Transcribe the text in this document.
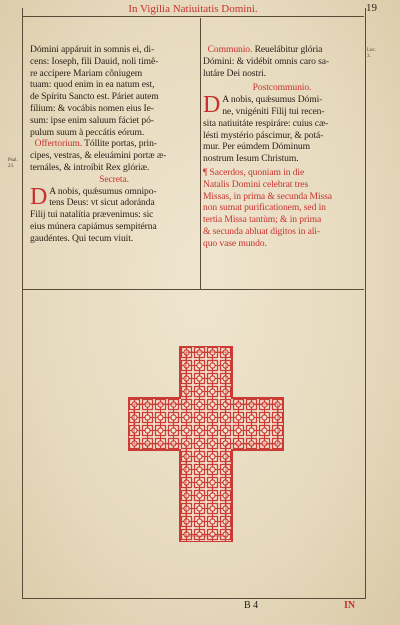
In Vigilia Natiuitatis Domini.	19

Dómini appáruit in somnis ei, di-

cens: Ioseph, fili Dauid, noli timê-

re accípere Mariam côniugem

tuam: quod enim in ea natum est,

de Spíritu Sancto est. Páriet autem

fílium: & vocábis nomen eius Ie-

sum: ipse enim saluum fáciet pó-

pulum suum à peccátis eórum.

Offertorium. Tóllite portas, prin-

cipes, vestras, & eleuámini portæ æ-

ternáles, & introíbit Rex glóriæ.

Secreta.

D A nobis, quǽsumus omnipo-

tens Deus: vt sicut adoránda

Filij tui natalítia prævenimus: sic

eius múnera capiámus sempitérna

gaudéntes. Qui tecum viuit.

Communio. Reuelábitur glória

Dómini: & vidébit omnis caro sa-

lutáre Dei nostri.

Postcommunio.

D A nobis, quǽsumus Dómi-

ne, vnigéniti Filij tui recen-

sita natiuitáte respiráre: cuius cæ-

lésti mystério páscimur, & potá-

mur. Per eúmdem Dóminum

nostrum Iesum Christum.

¶ Sacerdos, quoniam in die

Natalis Domini celebrat tres

Missas, in prima & secunda Missa

non sumat purificationem, sed in

tertia Missa tantùm; & in prima

& secunda abluat digitos in ali-

quo vase mundo.

Luc.
3.
Psal.
23.
B 4	IN
